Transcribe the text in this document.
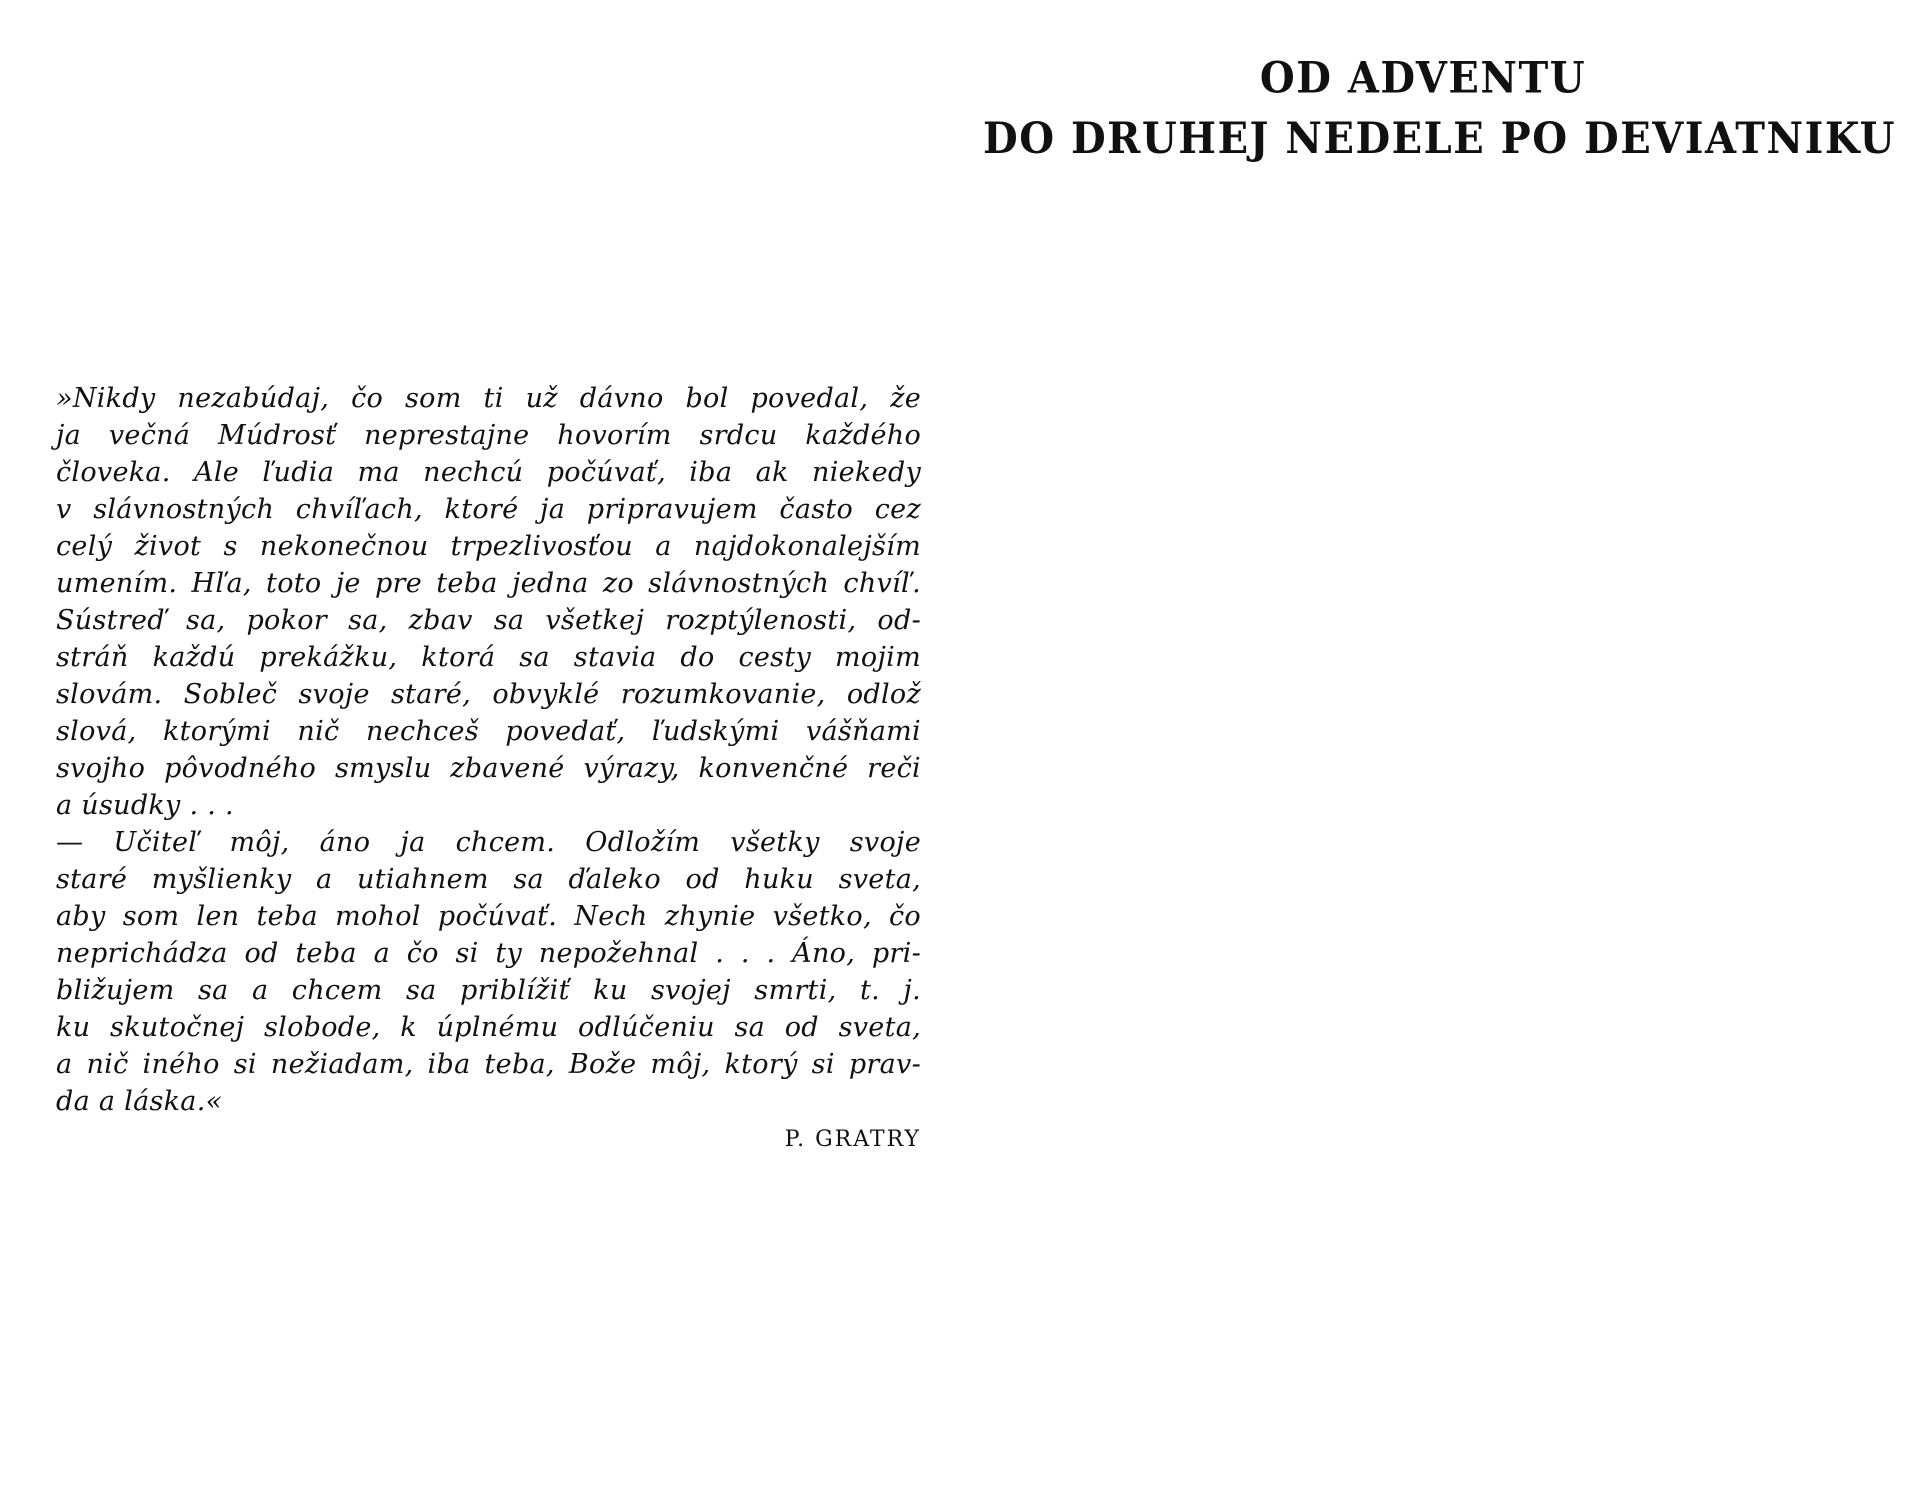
»Nikdy nezabúdaj, čo som ti už dávno bol povedal, že
ja večná Múdrosť neprestajne hovorím srdcu každého
človeka. Ale ľudia ma nechcú počúvať, iba ak niekedy
v slávnostných chvíľach, ktoré ja pripravujem často cez
celý život s nekonečnou trpezlivosťou a najdokonalejším
umením. Hľa, toto je pre teba jedna zo slávnostných chvíľ.
Sústreď sa, pokor sa, zbav sa všetkej rozptýlenosti, od-
stráň každú prekážku, ktorá sa stavia do cesty mojim
slovám. Sobleč svoje staré, obvyklé rozumkovanie, odlož
slová, ktorými nič nechceš povedať, ľudskými vášňami
svojho pôvodného smyslu zbavené výrazy, konvenčné reči
a úsudky . . .
— Učiteľ môj, áno ja chcem. Odložím všetky svoje
staré myšlienky a utiahnem sa ďaleko od huku sveta,
aby som len teba mohol počúvať. Nech zhynie všetko, čo
neprichádza od teba a čo si ty nepožehnal . . . Áno, pri-
bližujem sa a chcem sa priblížiť ku svojej smrti, t. j.
ku skutočnej slobode, k úplnému odlúčeniu sa od sveta,
a nič iného si nežiadam, iba teba, Bože môj, ktorý si prav-
da a láska.«
P. GRATRY
OD ADVENTU
DO DRUHEJ NEDELE PO DEVIATNIKU
